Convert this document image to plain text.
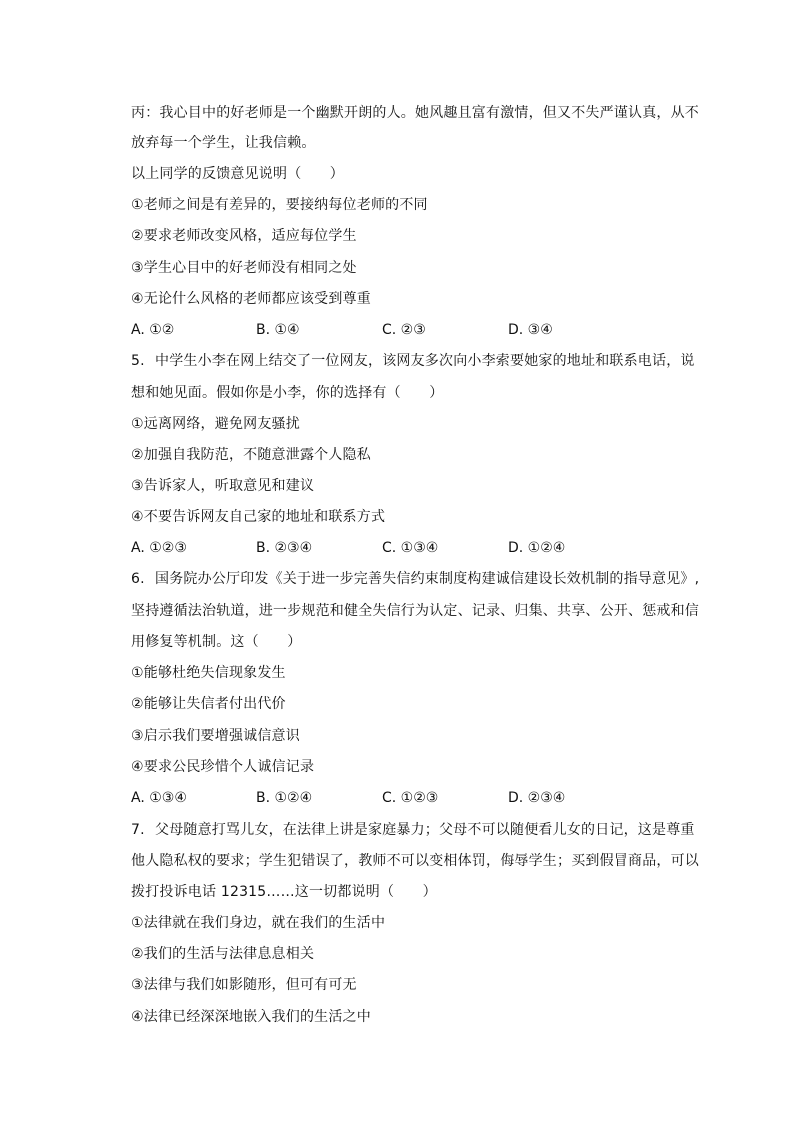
丙：我心目中的好老师是一个幽默开朗的人。她风趣且富有激情，但又不失严谨认真，从不
放弃每一个学生，让我信赖。
以上同学的反馈意见说明（　　）
①老师之间是有差异的，要接纳每位老师的不同
②要求老师改变风格，适应每位学生
③学生心目中的好老师没有相同之处
④无论什么风格的老师都应该受到尊重
A. ①②	B. ①④	C. ②③	D. ③④
5. 中学生小李在网上结交了一位网友，该网友多次向小李索要她家的地址和联系电话，说
想和她见面。假如你是小李，你的选择有（　　）
①远离网络，避免网友骚扰
②加强自我防范，不随意泄露个人隐私
③告诉家人，听取意见和建议
④不要告诉网友自己家的地址和联系方式
A. ①②③	B. ②③④	C. ①③④	D. ①②④
6. 国务院办公厅印发《关于进一步完善失信约束制度构建诚信建设长效机制的指导意见》,
坚持遵循法治轨道，进一步规范和健全失信行为认定、记录、归集、共享、公开、惩戒和信
用修复等机制。这（　　）
①能够杜绝失信现象发生
②能够让失信者付出代价
③启示我们要增强诚信意识
④要求公民珍惜个人诚信记录
A. ①③④	B. ①②④	C. ①②③	D. ②③④
7. 父母随意打骂儿女，在法律上讲是家庭暴力；父母不可以随便看儿女的日记，这是尊重
他人隐私权的要求；学生犯错误了，教师不可以变相体罚，侮辱学生；买到假冒商品，可以
拨打投诉电话 12315……这一切都说明（　　）
①法律就在我们身边，就在我们的生活中
②我们的生活与法律息息相关
③法律与我们如影随形，但可有可无
④法律已经深深地嵌入我们的生活之中
